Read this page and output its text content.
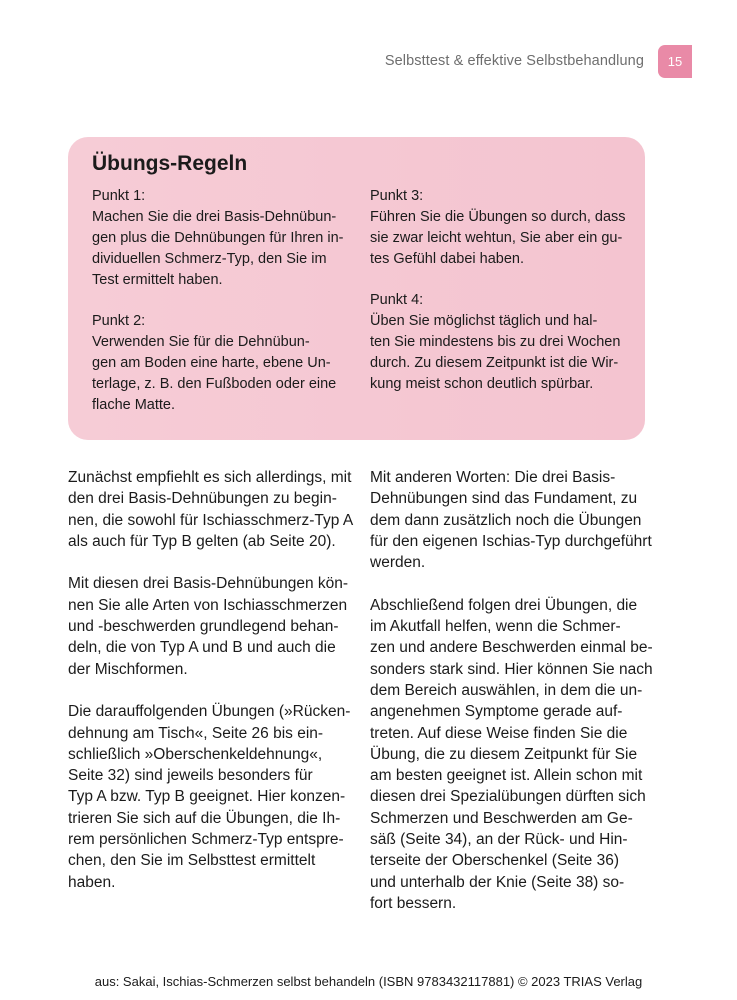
Selbsttest & effektive Selbstbehandlung	15
Übungs-Regeln
Punkt 1:
Machen Sie die drei Basis-Dehnübun-
gen plus die Dehnübungen für Ihren in-
dividuellen Schmerz-Typ, den Sie im
Test ermittelt haben.
Punkt 2:
Verwenden Sie für die Dehnübun-
gen am Boden eine harte, ebene Un-
terlage, z. B. den Fußboden oder eine
flache Matte.
Punkt 3:
Führen Sie die Übungen so durch, dass
sie zwar leicht wehtun, Sie aber ein gu-
tes Gefühl dabei haben.
Punkt 4:
Üben Sie möglichst täglich und hal-
ten Sie mindestens bis zu drei Wochen
durch. Zu diesem Zeitpunkt ist die Wir-
kung meist schon deutlich spürbar.

Zunächst empfiehlt es sich allerdings, mit
den drei Basis-Dehnübungen zu begin-
nen, die sowohl für Ischiasschmerz-Typ A
als auch für Typ B gelten (ab Seite 20).

Mit diesen drei Basis-Dehnübungen kön-
nen Sie alle Arten von Ischiasschmerzen
und -beschwerden grundlegend behan-
deln, die von Typ A und B und auch die
der Mischformen.

Die darauffolgenden Übungen (»Rücken-
dehnung am Tisch«, Seite 26 bis ein-
schließlich »Oberschenkeldehnung«,
Seite 32) sind jeweils besonders für
Typ A bzw. Typ B geeignet. Hier konzen-
trieren Sie sich auf die Übungen, die Ih-
rem persönlichen Schmerz-Typ entspre-
chen, den Sie im Selbsttest ermittelt
haben.

Mit anderen Worten: Die drei Basis-
Dehnübungen sind das Fundament, zu
dem dann zusätzlich noch die Übungen
für den eigenen Ischias-Typ durchgeführt
werden.

Abschließend folgen drei Übungen, die
im Akutfall helfen, wenn die Schmer-
zen und andere Beschwerden einmal be-
sonders stark sind. Hier können Sie nach
dem Bereich auswählen, in dem die un-
angenehmen Symptome gerade auf-
treten. Auf diese Weise finden Sie die
Übung, die zu diesem Zeitpunkt für Sie
am besten geeignet ist. Allein schon mit
diesen drei Spezialübungen dürften sich
Schmerzen und Beschwerden am Ge-
säß (Seite 34), an der Rück- und Hin-
terseite der Oberschenkel (Seite 36)
und unterhalb der Knie (Seite 38) so-
fort bessern.

aus: Sakai, Ischias-Schmerzen selbst behandeln (ISBN 9783432117881) © 2023 TRIAS Verlag
